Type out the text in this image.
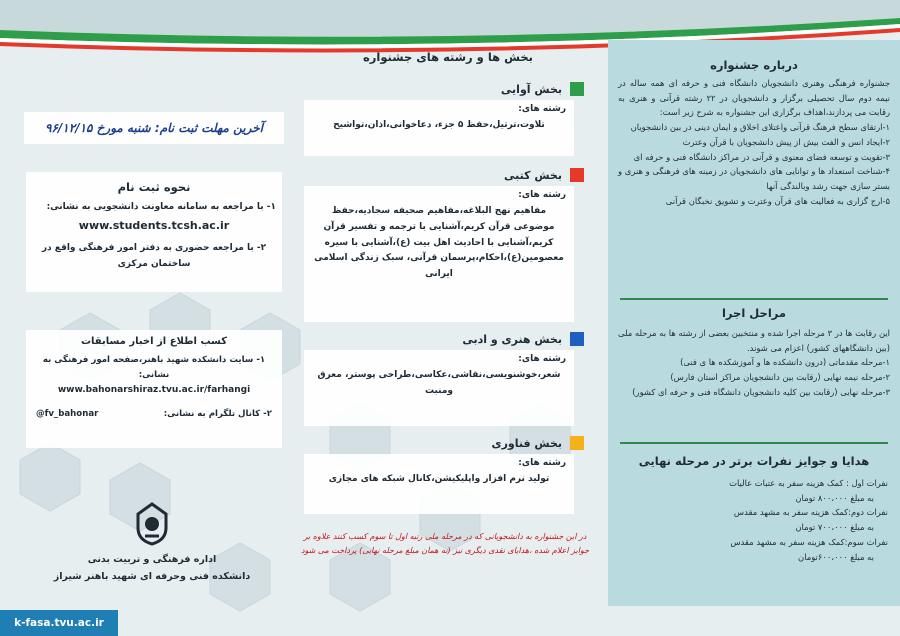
درباره جشنواره

جشنواره فرهنگی وهنری دانشجویان دانشگاه فنی و حرفه ای همه ساله در نیمه دوم سال تحصیلی برگزار و دانشجویان در ۲۲ رشته قرآنی و هنری به رقابت می پردازند،اهداف برگزاری این جشنواره به شرح زیر است:

۱-ارتقای سطح فرهنگ قرآنی واعتلای اخلاق و ایمان دینی در بین دانشجویان

۲-ایجاد انس و الفت بیش از پیش دانشجویان با قرآن وعترت

۳-تقویت و توسعه فضای معنوی و قرآنی در مراکز دانشگاه فنی و حرفه ای

۴-شناخت استعداد ها و توانایی های دانشجویان در زمینه های فرهنگی و هنری و بستر سازی جهت رشد وبالندگی آنها

۵-ارج گزاری به فعالیت های قرآن وعترت و تشویق نخبگان قرآنی

مراحل اجرا

این رقابت ها در ۳ مرحله اجرا شده و منتخبین بعضی از رشته ها به مرحله ملی (بین دانشگاههای کشور) اعزام می شوند.

۱-مرحله مقدماتی (درون دانشکده ها و آموزشکده ها ی فنی)

۲-مرحله نیمه نهایی (رقابت بین دانشجویان مراکز استان فارس)

۳-مرحله نهایی (رقابت بین کلیه دانشجویان دانشگاه فنی و حرفه ای کشور)

هدایا و جوایز نفرات برتر در مرحله نهایی

نفرات اول : کمک هزینه سفر به عتبات عالیات

به مبلغ ۸۰۰،۰۰۰ تومان

نفرات دوم:کمک هزینه سفر به مشهد مقدس

به مبلغ ۷۰۰،۰۰۰ تومان

نفرات سوم:کمک هزینه سفر به مشهد مقدس

به مبلغ ۶۰۰،۰۰۰تومان

بخش ها و رشته های جشنواره
بخش آوایی
رشته های:
تلاوت،ترتیل،حفظ ۵ جزء، دعاخوانی،اذان،تواشیح
بخش کتبی
رشته های:
مفاهیم نهج البلاغه،مفاهیم صحیفه سجادیه،حفظ موضوعی قرآن کریم،آشنایی با ترجمه و تفسیر قرآن کریم،آشنایی با احادیث اهل بیت (ع)،آشنایی با سیره معصومین(ع)،احکام،پرسمان قرآنی، سبک زندگی اسلامی ایرانی
بخش هنری و ادبی
رشته های:
شعر،خوشنویسی،نقاشی،عکاسی،طراحی پوستر، معرق ومنبت
بخش فناوری
رشته های:
تولید نرم افزار واپلیکیشن،کانال شبکه های مجازی

در این جشنواره به دانشجویانی که در مرحله ملی رتبه اول تا سوم کسب کنند علاوه بر جوایز اعلام شده ،هدایای نقدی دیگری نیز (نه همان مبلغ مرحله نهایی) پرداخت می شود

آخرین مهلت ثبت نام: شنبه مورخ ۹۶/۱۲/۱۵
نحوه ثبت نام

۱- با مراجعه به سامانه معاونت دانشجویی به نشانی:

www.students.tcsh.ac.ir

۲- با مراجعه حضوری به دفتر امور فرهنگی واقع در ساختمان مرکزی

کسب اطلاع از اخبار مسابقات

۱- سایت دانشکده شهید باهنر،صفحه امور فرهنگی به نشانی:

www.bahonarshiraz.tvu.ac.ir/farhangi

۲- کانال تلگرام به نشانی:
@fv_bahonar

اداره فرهنگی و تربیت بدنی

دانشکده فنی وحرفه ای شهید باهنر شیراز

k-fasa.tvu.ac.ir
